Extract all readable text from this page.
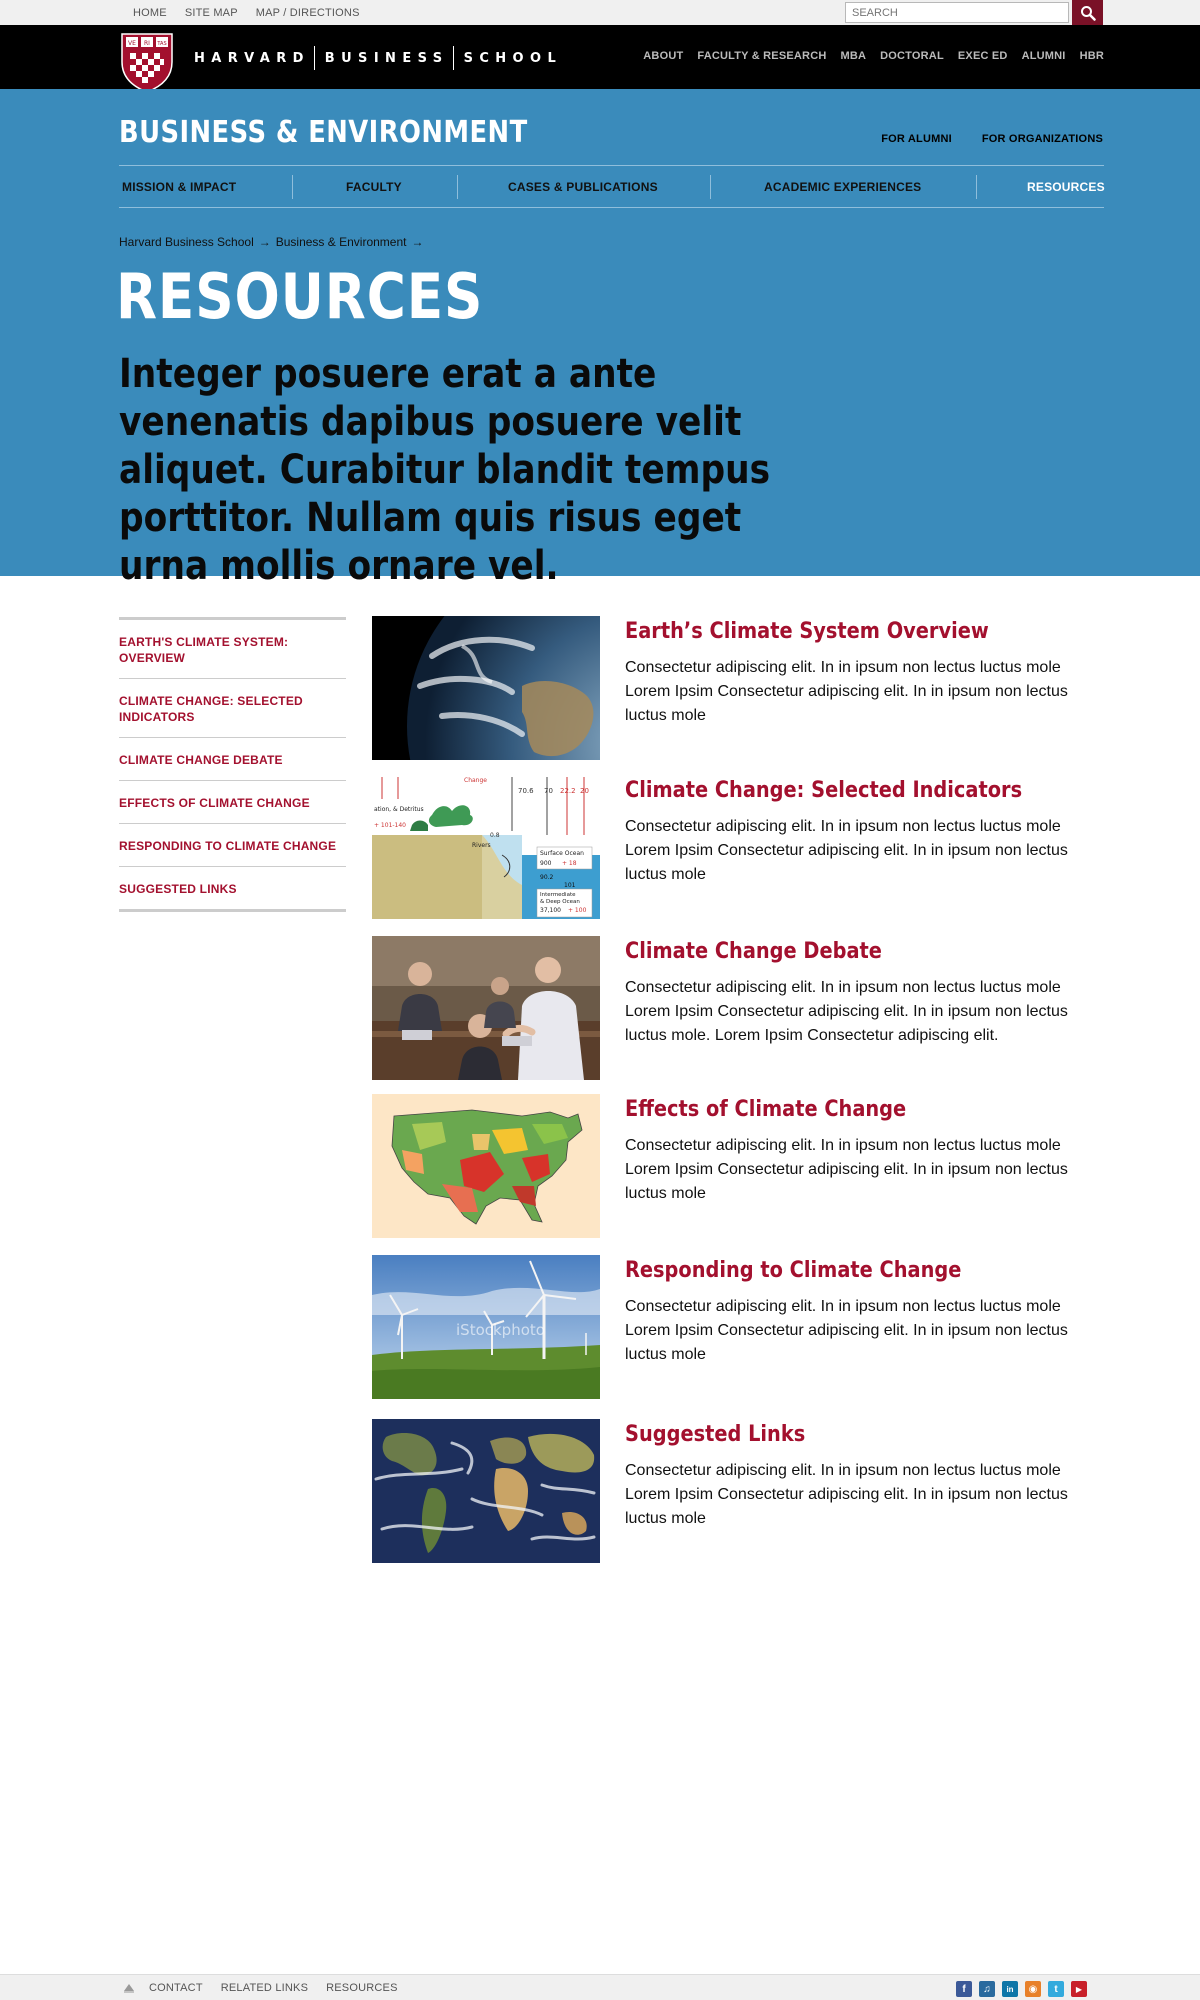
HOME SITE MAP MAP / DIRECTIONS
SEARCH
VE RI TAS
HARVARD BUSINESS SCHOOL	ABOUT FACULTY & RESEARCH MBA DOCTORAL EXEC ED ALUMNI HBR
BUSINESS & ENVIRONMENT	FOR ALUMNI	FOR ORGANIZATIONS
MISSION & IMPACT	FACULTY	CASES & PUBLICATIONS	ACADEMIC EXPERIENCES	RESOURCES
Harvard Business School → Business & Environment →
RESOURCES

Integer posuere erat a ante venenatis dapibus posuere velit aliquet. Curabitur blandit tempus porttitor. Nullam quis risus eget urna mollis ornare vel.

EARTH'S CLIMATE SYSTEM: OVERVIEW
CLIMATE CHANGE: SELECTED INDICATORS
CLIMATE CHANGE DEBATE
EFFECTS OF CLIMATE CHANGE
RESPONDING TO CLIMATE CHANGE
SUGGESTED LINKS
Earth’s Climate System Overview

Consectetur adipiscing elit. In in ipsum non lectus luctus mole Lorem Ipsim Consectetur adipiscing elit. In in ipsum non lectus luctus mole

Change
70.6 70 22.2 20
ation, & Detritus
+ 101-140
Rivers
0.8
Surface Ocean
900 + 18
90.2
101
Intermediate
& Deep Ocean
37,100 + 100
Climate Change: Selected Indicators

Consectetur adipiscing elit. In in ipsum non lectus luctus mole Lorem Ipsim Consectetur adipiscing elit. In in ipsum non lectus luctus mole

Climate Change Debate

Consectetur adipiscing elit. In in ipsum non lectus luctus mole Lorem Ipsim Consectetur adipiscing elit. In in ipsum non lectus luctus mole. Lorem Ipsim Consectetur adipiscing elit.

Effects of Climate Change

Consectetur adipiscing elit. In in ipsum non lectus luctus mole Lorem Ipsim Consectetur adipiscing elit. In in ipsum non lectus luctus mole

iStockphoto
Responding to Climate Change

Consectetur adipiscing elit. In in ipsum non lectus luctus mole Lorem Ipsim Consectetur adipiscing elit. In in ipsum non lectus luctus mole

Suggested Links

Consectetur adipiscing elit. In in ipsum non lectus luctus mole Lorem Ipsim Consectetur adipiscing elit. In in ipsum non lectus luctus mole

CONTACT RELATED LINKS RESOURCES	f	♫	in	◉	t	▶
